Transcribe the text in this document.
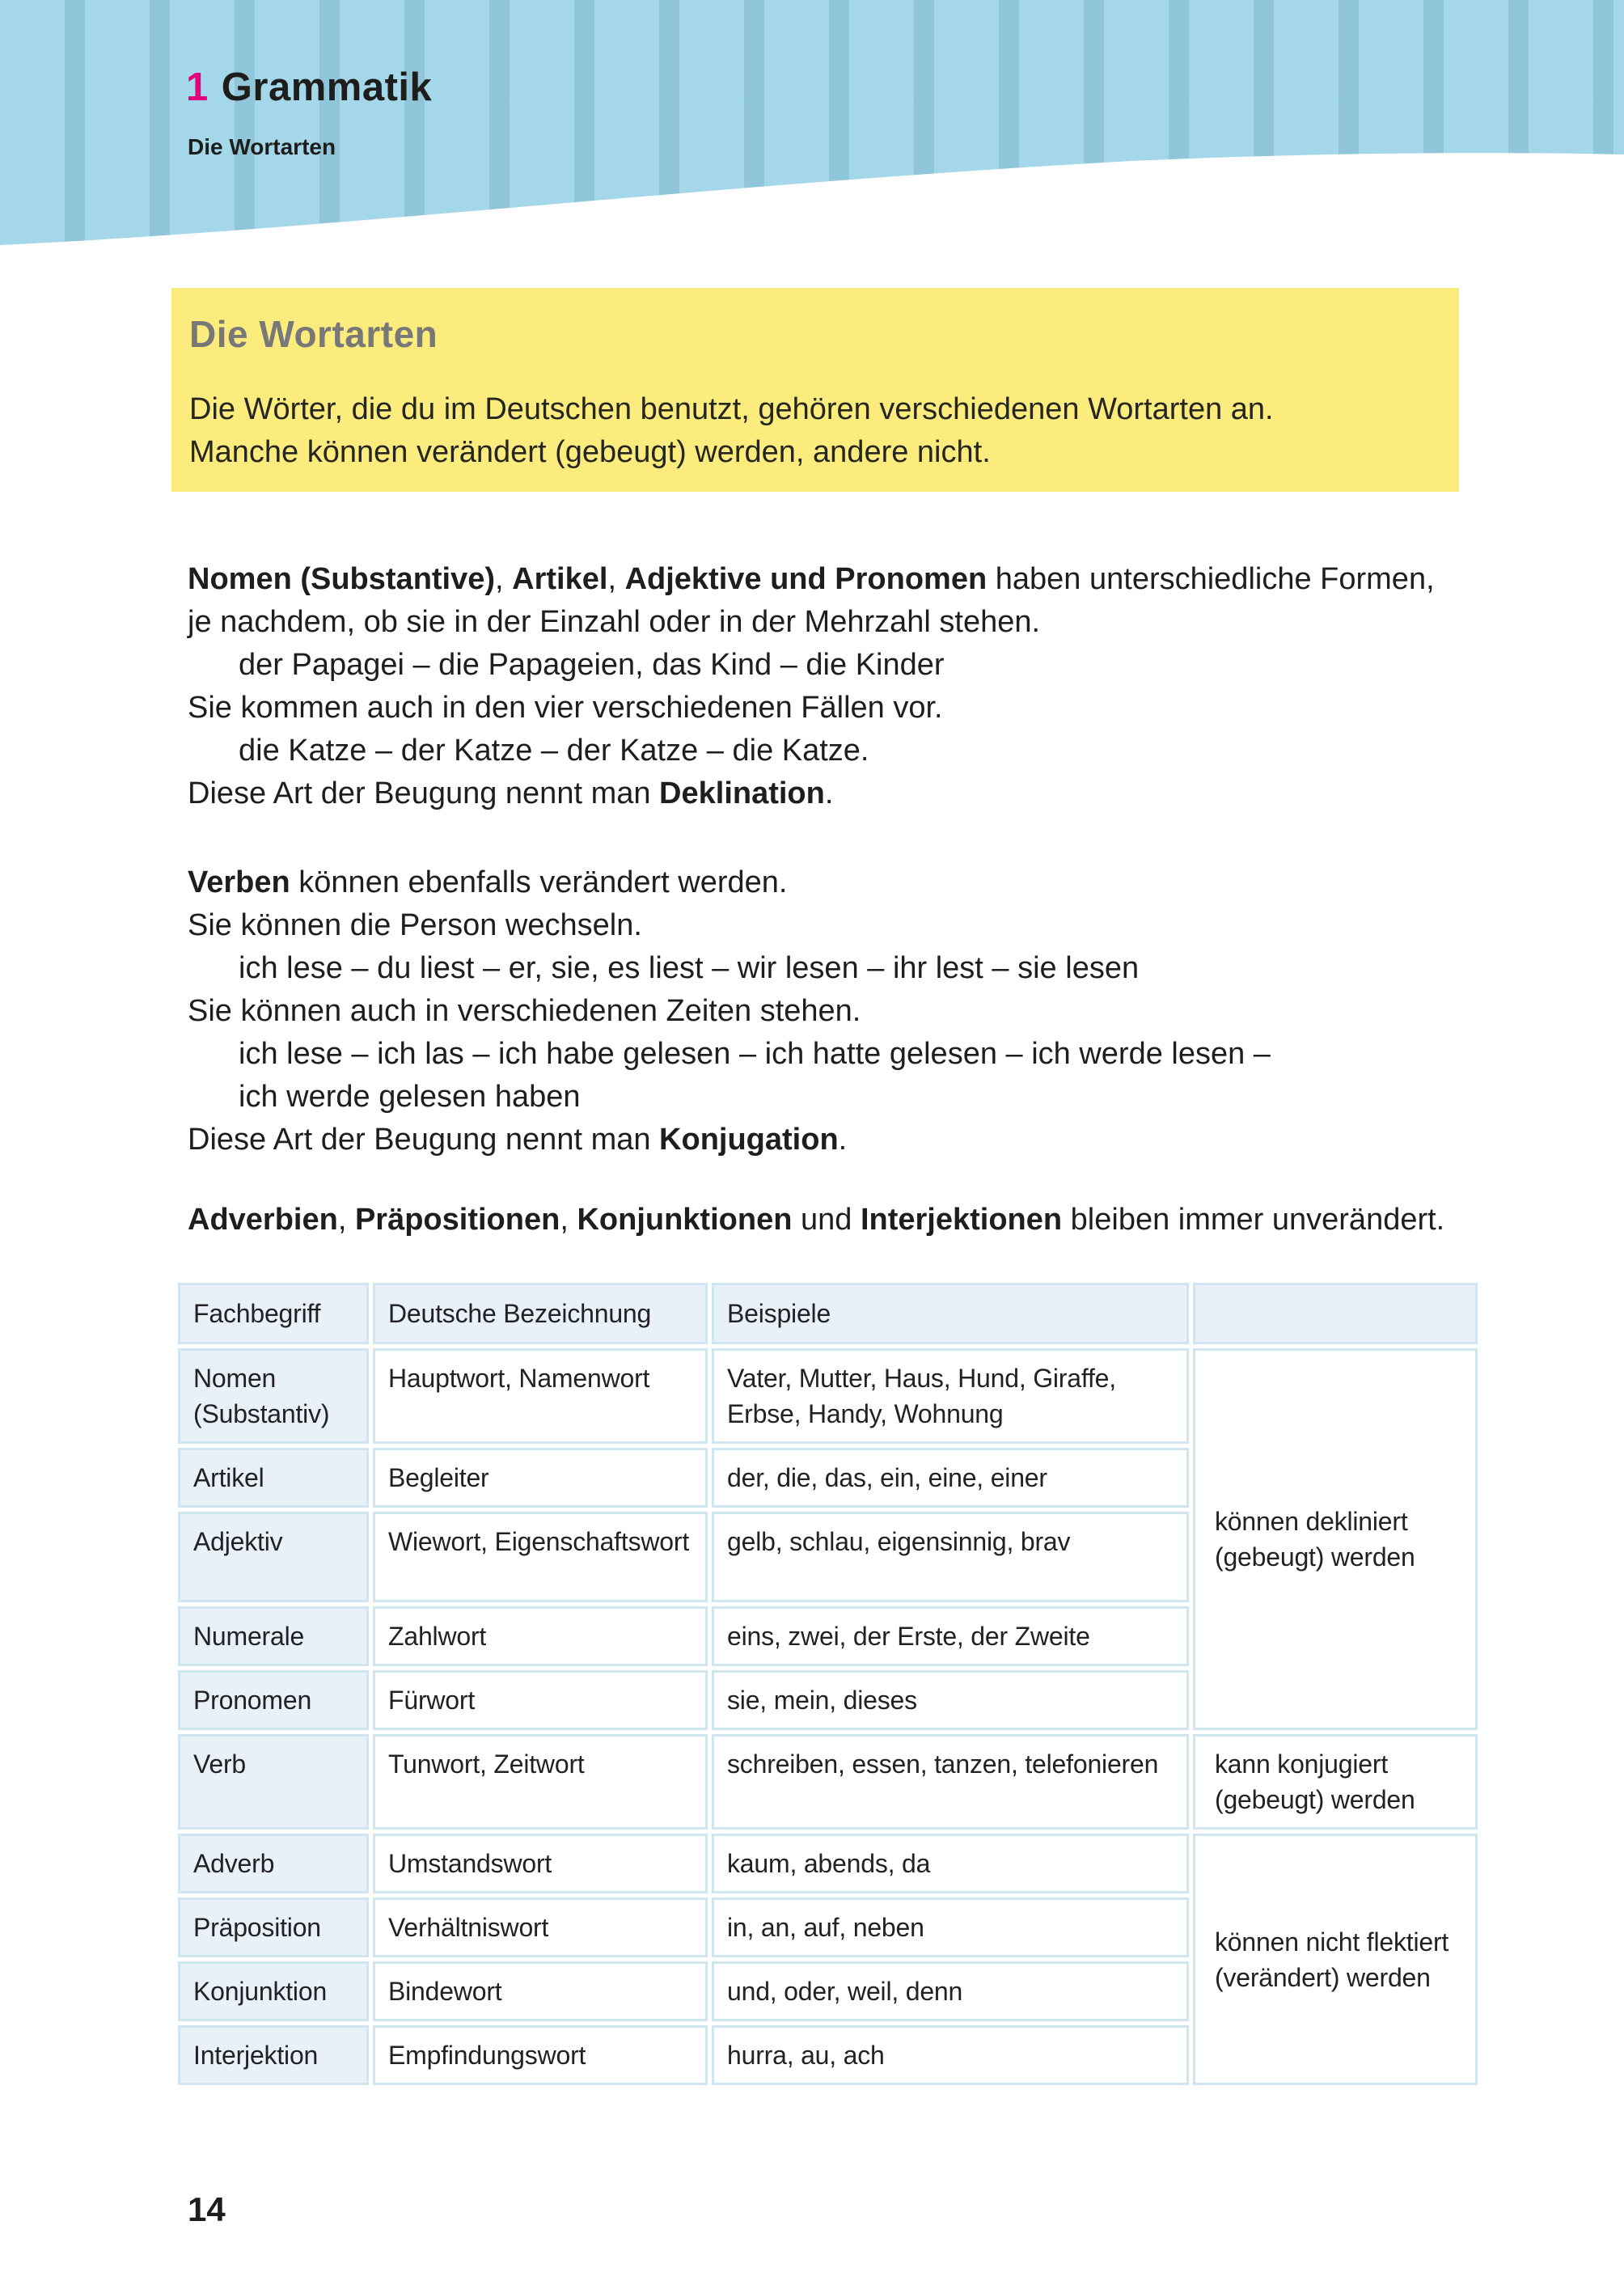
1 Grammatik
Die Wortarten
Die Wortarten
Die Wörter, die du im Deutschen benutzt, gehören verschiedenen Wortarten an.
Manche können verändert (gebeugt) werden, andere nicht.
Nomen (Substantive), Artikel, Adjektive und Pronomen haben unterschiedliche Formen,
je nachdem, ob sie in der Einzahl oder in der Mehrzahl stehen.
der Papagei – die Papageien, das Kind – die Kinder
Sie kommen auch in den vier verschiedenen Fällen vor.
die Katze – der Katze – der Katze – die Katze.
Diese Art der Beugung nennt man Deklination.
Verben können ebenfalls verändert werden.
Sie können die Person wechseln.
ich lese – du liest – er, sie, es liest – wir lesen – ihr lest – sie lesen
Sie können auch in verschiedenen Zeiten stehen.
ich lese – ich las – ich habe gelesen – ich hatte gelesen – ich werde lesen –
ich werde gelesen haben
Diese Art der Beugung nennt man Konjugation.
Adverbien, Präpositionen, Konjunktionen und Interjektionen bleiben immer unverändert.
Fachbegriff	Deutsche Bezeichnung	Beispiele	
Nomen (Substantiv)	Hauptwort, Namenwort	Vater, Mutter, Haus, Hund, Giraffe, Erbse, Handy, Wohnung	können dekliniert (gebeugt) werden
Artikel	Begleiter	der, die, das, ein, eine, einer	
Adjektiv	Wiewort, Eigenschaftswort	gelb, schlau, eigensinnig, brav	
Numerale	Zahlwort	eins, zwei, der Erste, der Zweite	
Pronomen	Fürwort	sie, mein, dieses	
Verb	Tunwort, Zeitwort	schreiben, essen, tanzen, telefonieren	kann konjugiert (gebeugt) werden
Adverb	Umstandswort	kaum, abends, da	können nicht flektiert (verändert) werden
Präposition	Verhältniswort	in, an, auf, neben	
Konjunktion	Bindewort	und, oder, weil, denn	
Interjektion	Empfindungswort	hurra, au, ach	
14
